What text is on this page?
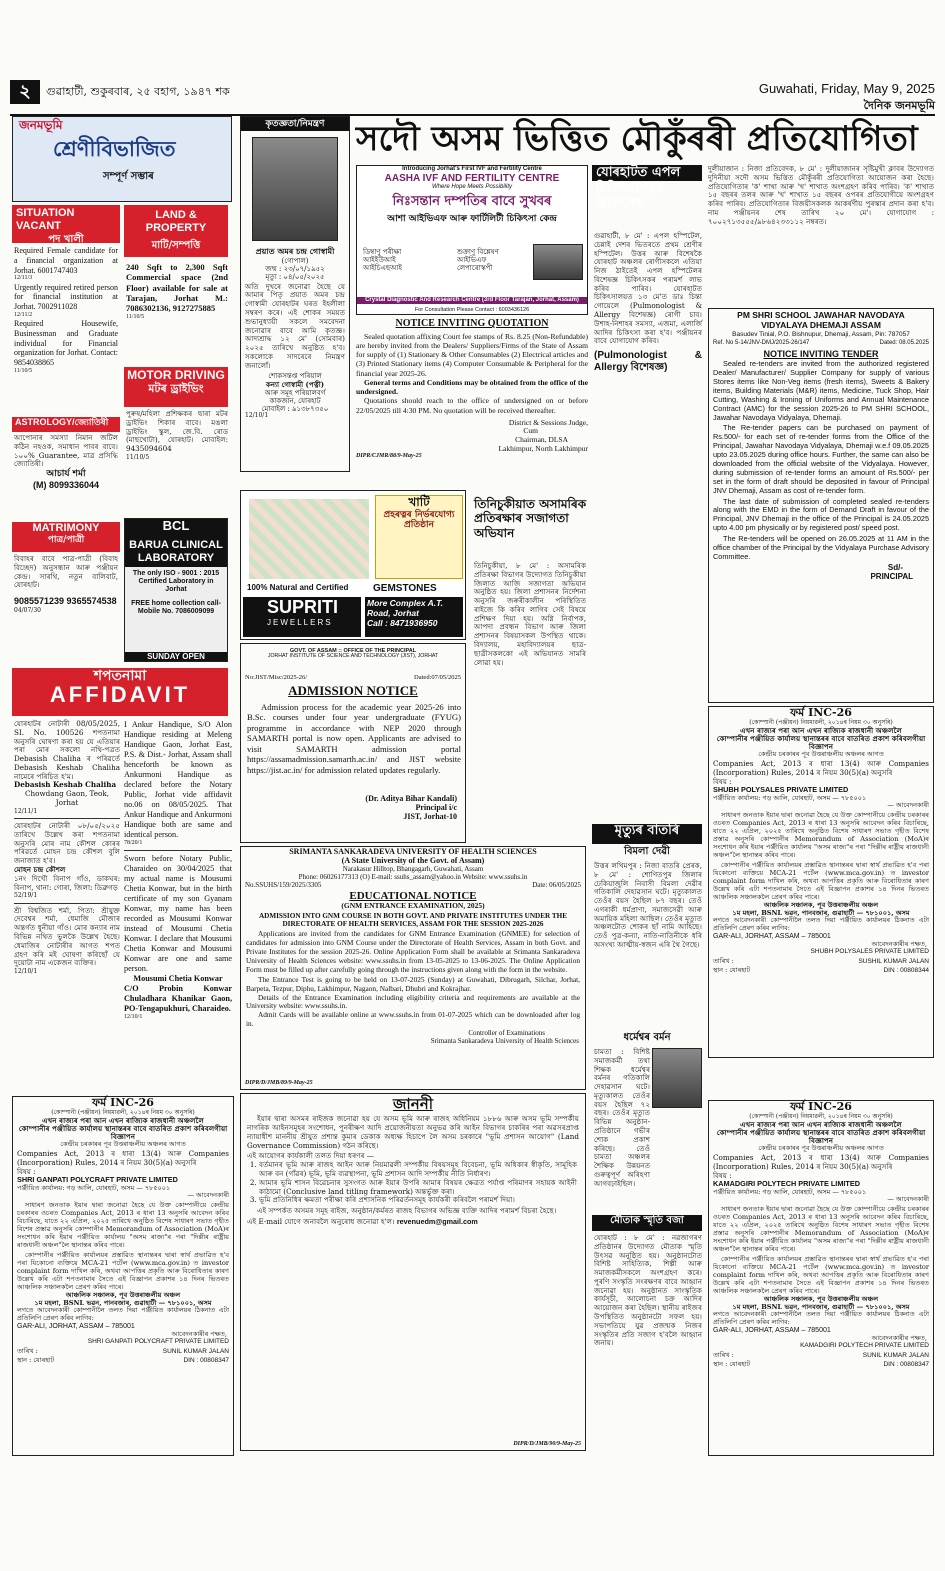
২	গুৱাহাটী, শুকুৰবাৰ, ২৫ বহাগ, ১৯৪৭ শক	Guwahati, Friday, May 9, 2025
দৈনিক জনমভূমি
জনমভূমি
শ্ৰেণীবিভাজিত
সম্পূৰ্ণ সম্ভাৰ
SITUATION VACANT
পদ খালী
Required Female candidate for a financial organization at Jorhat. 6001747403
12/11/3
Urgently required retired person for financial institution at Jorhat. 7002911028
12/11/2
Required Housewife, Businessman and Graduate individual for Financial organization for Jorhat. Contact: 9854038865
11/10/5
LAND & PROPERTY
মাটি/সম্পত্তি
240 Sqft to 2,300 Sqft Commercial space (2nd Floor) available for sale at Tarajan, Jorhat M.: 7086302136, 9127275885
11/10/5
MOTOR DRIVING
মটৰ ড্ৰাইভিং
পুৰুষ/মহিলা প্ৰশিক্ষকৰ দ্বাৰা মটৰ ড্ৰাইভিং শিকাৰ বাবে। মঙলা ড্ৰাইভিং স্কুল, জে.বি. ৰোড (মাছখোটা), যোৰহাট। মোবাইল: 9435094604
11/10/5
ASTROLOGY/জ্যোতিষী
আপোনাৰ সমস্যা নিমান জটিল কঠিন নহওক, সমাধান পাবৰ বাবে। ১০০% Guarantee, মাত্ৰ প্ৰসিদ্ধি জ্যোতিষী।
আচাৰ্য শৰ্মা
(M) 8099336044
MATRIMONY
পাত্ৰ/পাত্ৰী
বিবাহৰ বাবে পাত্ৰ-পাত্ৰী (বিবাহ বিচ্ছেদ) অনুসন্ধান আৰু পঞ্জীয়ন কেন্দ্ৰ। সাৰথি, নতুন বালিবাট, যোৰহাট।
9085571239 9365574538
04/07/30
BCL
BARUA CLINICAL LABORATORY
The only ISO - 9001 : 2015 Certified Laboratory in Jorhat
FREE home collection call- Mobile No. 7086009099
SUNDAY OPEN
শপতনামা
AFFIDAVIT
যোৰহাটৰ নোটাৰী 08/05/2025, SI. No. 100526 শপতনামা অনুসৰি ঘোষণা কৰা হয় যে এতিয়াৰ পৰা মোৰ সকলো নথি-পত্ৰত Debasish Chaliha ৰ পৰিৱৰ্তে Debasish Keshab Chaliha নামেৰে পৰিচিত হ'ম।
Debasish Keshab Chaliha
Chowdang Gaon, Teok, Jorhat
12/11/1
যোৰহাটৰ নোটাৰী ০৮/০৫/২০২৫ তাৰিখে উল্লেখ কৰা শপতনামা অনুসৰি মোৰ নাম কৌশল কোৰৰ পৰিৱৰ্তে মোহন চন্দ্ৰ কৌশল বুলি জনাজাত হ'ব।
মোহন চন্দ্ৰ কৌশল
১নং দিখৌ বিনাপ গাঁও, ডাকঘৰ: বিনাপ, থানা: গোৰা, জিলা: ডিব্ৰুগড়
52/19/1
শ্ৰী বিশ্বজিত শৰ্মা, পিতা: শ্ৰীযুক্ত দেবেশ্বৰ শৰ্মা, ধেমাজি মৌজাৰ অন্তৰ্গত ধুনীয়া গাঁও। মোৰ কন্যাৰ নাম বিভিন্ন নথিত ভুলকৈ উল্লেখ হৈছে। ধেমাজিৰ নোটাৰীৰ আগত শপত গ্ৰহণ কৰি মই ঘোষণা কৰিছোঁ যে দুয়োটা নাম একেজন ব্যক্তিৰ।
12/10/1
I Ankur Handique, S/O Alon Handique residing at Meleng Handique Gaon, Jorhat East, P.S. & Dist.- Jorhat, Assam shall henceforth be known as Ankurmoni Handique as declared before the Notary Public, Jorhat vide affidavit no.06 on 08/05/2025. That Ankur Handique and Ankurmoni Handique both are same and identical person.
78/20/1
Sworn before Notary Public, Charaideo on 30/04/2025 that my actual name is Mousumi Chetia Konwar, but in the birth certificate of my son Gyanam Konwar, my name has been recorded as Mousumi Konwar instead of Mousumi Chetia Konwar. I declare that Mousumi Chetia Konwar and Mousumi Konwar are one and same person.
Mousumi Chetia Konwar
C/O Probin Konwar Chuladhara Khanikar Gaon, PO-Tengapukhuri, Charaideo.
12/10/1
কৃতজ্ঞতা/নিমন্ত্ৰণ
প্ৰয়াত অমৰ চন্দ্ৰ গোস্বামী
(গোপাল)
জন্ম : ২৩/০৭/১৯৫২
মৃত্যু : ০৪/০৫/২০২৫
অতি দুখৰে জনোৱা হৈছে যে আমাৰ পিতৃ প্ৰয়াত অমৰ চন্দ্ৰ গোস্বামী যোৰহাটৰ ঘৰত ইহলীলা সম্বৰণ কৰে। এই শোকৰ সময়ত শুভানুধ্যায়ী সকলে সমবেদনা জনোৱাৰ বাবে আমি কৃতজ্ঞ। আদ্যশ্ৰাদ্ধ ১২ মে' (সোমবাৰ) ২০২৫ তাৰিখে অনুষ্ঠিত হ'ব। সকলোকে সাদৰেৰে নিমন্ত্ৰণ জনালোঁ।
শোকসন্তপ্ত পৰিয়াল
কন্যা গোস্বামী (পত্নী)
আৰু সমূহ পৰিয়ালবৰ্গ
কাকজান, যোৰহাট
মোবাইল : ৯১৩৮৭৩৫০
12/10/1
সদৌ অসম ভিত্তিত মৌকুঁৰৰী প্ৰতিযোগিতা
Introducing Jorhat's First IVF and Fertility Centre
AASHA IVF AND FERTILITY CENTRE
Where Hope Meets Possibility
নিঃসন্তান দম্পতিৰ বাবে সুখবৰ
আশা আইভিএফ আৰু ফাৰ্টিলিটী চিকিৎসা কেন্দ্ৰ
ডিম্বাণু পৰীক্ষা
আইইউআই
আইচিএছআই
শুক্ৰাণু বিশ্লেষণ
আইভিএফ
লেপাৰোস্কপী
Crystal Diagnostic And Research Centre (3rd Floor Tarajan, Jorhat, Assam)
For Consultation Please Contact : 6003436126
NOTICE INVITING QUOTATION
Sealed quotation affixing Court fee stamps of Rs. 8.25 (Non-Refundable) are hereby invited from the Dealers/ Suppliers/Firms of the State of Assam for supply of (1) Stationary & Other Consumables (2) Electrical articles and (3) Printed Stationary items (4) Computer Consumable & Peripheral for the financial year 2025-26.
General terms and Conditions may be obtained from the office of the undersigned.
Quotations should reach to the office of undersigned on or before 22/05/2025 till 4:30 PM. No quotation will be received thereafter.
District & Sessions Judge,
Cum
Chairman, DLSA
Lakhimpur, North Lakhimpur
DIPR/CJMR/88/9-May-25
খাটি
প্ৰহৰত্নৰ নিৰ্ভৰযোগ্য প্ৰতিষ্ঠান
100% Natural and Certified GEMSTONES
SUPRITI
JEWELLERS
More Complex A.T. Road, Jorhat
Call : 8471936950
GOVT. OF ASSAM :: OFFICE OF THE PRINCIPAL
JORHAT INSTITUTE OF SCIENCE AND TECHNOLOGY (JIST), JORHAT
No:JIST/Misc/2025-26/	Dated:07/05/2025
ADMISSION NOTICE
Admission process for the academic year 2025-26 into B.Sc. courses under four year undergraduate (FYUG) programme in accordance with NEP 2020 through SAMARTH portal is now open. Applicants are advised to visit SAMARTH admission portal https://assamadmission.samarth.ac.in/ and JIST website https://jist.ac.in/ for admission related updates regularly.
(Dr. Aditya Bihar Kandali)
Principal i/c
JIST, Jorhat-10
SRIMANTA SANKARADEVA UNIVERSITY OF HEALTH SCIENCES
(A State University of the Govt. of Assam)
Narakasur Hilltop, Bhangagarh, Guwahati, Assam
Phone: 06026177313 (O) E-mail: ssuhs_assam@yahoo.in Website: www.ssuhs.in
No.SSUHS/159/2025/3305	Date: 06/05/2025
EDUCATIONAL NOTICE
(GNM ENTRANCE EXAMINATION, 2025)
ADMISSION INTO GNM COURSE IN BOTH GOVT. AND PRIVATE INSTITUTES UNDER THE DIRECTORATE OF HEALTH SERVICES, ASSAM FOR THE SESSION 2025-2026
Applications are invited from the candidates for GNM Entrance Examination (GNMEE) for selection of candidates for admission into GNM Course under the Directorate of Health Services, Assam in both Govt. and Private Institutes for the session 2025-26. Online Application Form shall be available at Srimanta Sankaradeva University of Health Sciences website: www.ssuhs.in from 13-05-2025 to 13-06-2025. The Online Application Form must be filled up after carefully going through the instructions given along with the form in the website.
The Entrance Test is going to be held on 13-07-2025 (Sunday) at Guwahati, Dibrugarh, Silchar, Jorhat, Barpeta, Tezpur, Diphu, Lakhimpur, Nagaon, Nalbari, Dhubri and Kokrajhar.
Details of the Entrance Examination including eligibility criteria and requirements are available at the University website: www.ssuhs.in.
Admit Cards will be available online at www.ssuhs.in from 01-07-2025 which can be downloaded after log in.
Controller of Examinations
Srimanta Sankaradeva University of Health Sciences
DIPR/D/JMB/89/9-May-25
জাননী
ইয়াৰ দ্বাৰা অসমৰ ৰাইজক জনোৱা হয় যে অসম ভূমি আৰু ৰাজহ অধিনিয়ম ১৮৮৬ আৰু অসম ভূমি সম্পৰ্কীয় নাগৰিক আইনসমূহৰ সংশোধন, পুনৰীক্ষণ আদি প্ৰয়োজনীয়তা অনুভৱ কৰি আইন বিভাগৰ চাকৰিৰ পৰা অৱসৰপ্ৰাপ্ত ন্যায়াধীশ মাননীয় শ্ৰীযুত প্ৰশান্ত কুমাৰ ডেকাক অধ্যক্ষ হিচাপে লৈ অসম চৰকাৰে "ভূমি প্ৰশাসন আয়োগ" (Land Governance Commission) গঠন কৰিছে।
এই আয়োগৰ কাৰ্যকালী তলত দিয়া ধৰণৰ —
1. বৰ্তমানৰ ভূমি আৰু ৰাজহ আইন আৰু নিয়মাৱলী সম্পৰ্কীয় বিষয়সমূহ বিবেচনা, ভূমি অধিকাৰ স্বীকৃতি, সামূহিক আৰু বন (গাঁৱৰ) ভূমি, ভূমি ব্যৱস্থাপনা, ভূমি প্ৰশাসন আদি সম্পৰ্কীয় নীতি নিৰ্ধাৰণ।
2. আমাৰ ভূমি শাসন বিৱেচনাৰ সুসংগত আৰু ইয়াৰ উপৰি আমাৰ বিষয়ৰ ক্ষেত্ৰত পৰ্যাপ্ত পৰিমাণৰ সহায়ক আইনী কাঠামো (Conclusive land titling framework) অন্তৰ্ভুক্ত কৰা।
3. ভূমি প্ৰতিনিধিৰ ক্ষমতা পৰীক্ষা কৰি প্ৰশাসনিক পৰিৱৰ্তনসমূহ কাৰ্যকৰী কৰিবলৈ পৰামৰ্শ দিয়া।
এই সম্পৰ্কত অসমৰ সমূহ ৰাইজ, অনুষ্ঠান/কৰ্মৰত ৰাজহ বিভাগৰ অভিজ্ঞ ব্যক্তি আদিৰ পৰামৰ্শ বিচৰা হৈছে।
এই E-mail যোগে জনাবলৈ অনুৰোধ জনোৱা হ'ল। revenuedm@gmail.com
DIPR/D/JMB/90/9-May-25
ফৰ্ম INC-26
(কোম্পানী (পঞ্জীয়ন) নিয়মাৱলী, ২০১৪ৰ নিয়ম ৩০ অনুসৰি)
এখন ৰাজ্যৰ পৰা আন এখন ৰাজ্যিক ৰাজধানী অঞ্চললৈ
কোম্পানীৰ পঞ্জীয়িত কাৰ্যালয় স্থানান্তৰৰ বাবে বাতৰিত প্ৰকাশ কৰিবলগীয়া বিজ্ঞাপন
কেন্দ্ৰীয় চৰকাৰৰ পূব উত্তৰাঞ্চলীয় অঞ্চলৰ আগত
Companies Act, 2013 ৰ ধাৰা 13(4) আৰু Companies (Incorporation) Rules, 2014 ৰ নিয়ম 30(5)(a) অনুসৰি
বিষয় :
SHRI GANPATI POLYCRAFT PRIVATE LIMITED
পঞ্জীয়িত কাৰ্যালয়: গড় আলি, যোৰহাট, অসম — ৭৮৫০০১
— আবেদনকাৰী
সাধাৰণ জনতাক ইয়াৰ দ্বাৰা জনোৱা হৈছে যে উক্ত কোম্পানীয়ে কেন্দ্ৰীয় চৰকাৰৰ ওচৰত Companies Act, 2013 ৰ ধাৰা 13 অনুসৰি আবেদন কৰিব বিচাৰিছে, যাতে ২২ এপ্ৰিল, ২০২৫ তাৰিখে অনুষ্ঠিত বিশেষ সাধাৰণ সভাত গৃহীত বিশেষ প্ৰস্তাৱ অনুসৰি কোম্পানীৰ Memorandum of Association (MoA)ৰ সংশোধন কৰি ইয়াৰ পঞ্জীয়িত কাৰ্যালয় "অসম ৰাজ্য"ৰ পৰা "দিল্লীৰ ৰাষ্ট্ৰীয় ৰাজধানী অঞ্চল"লৈ স্থানান্তৰ কৰিব পাৰে।
কোম্পানীৰ পঞ্জীয়িত কাৰ্যালয়ৰ প্ৰস্তাৱিত স্থানান্তৰৰ দ্বাৰা স্বাৰ্থ প্ৰভাৱিত হ'ব পৰা যিকোনো ব্যক্তিয়ে MCA-21 পৰ্টেল (www.mca.gov.in) ত investor complaint form দাখিল কৰি, অথবা আপত্তিৰ প্ৰকৃতি আৰু বিৰোধিতাৰ কাৰণ উল্লেখ কৰি এটা শপতনামাৰ সৈতে এই বিজ্ঞাপন প্ৰকাশৰ ১৪ দিনৰ ভিতৰত আঞ্চলিক সঞ্চালকলৈ প্ৰেৰণ কৰিব পাৰে।
আঞ্চলিক সঞ্চালক, পূব উত্তৰাঞ্চলীয় অঞ্চল
১ম মহলা, BSNL ভৱন, পানবজাৰ, গুৱাহাটী — ৭৮১০০১, অসম
লগতে আবেদনকাৰী কোম্পানীলৈ তলত দিয়া পঞ্জীয়িত কাৰ্যালয়ৰ ঠিকনাত এটা প্ৰতিলিপি প্ৰেৰণ কৰিব লাগিব:
GAR-ALI, JORHAT, ASSAM – 785001
আবেদনকাৰীৰ পক্ষত,
SHRI GANPATI POLYCRAFT PRIVATE LIMITED
তাৰিখ :	SUNIL KUMAR JALAN
স্থান : যোৰহাট	DIN : 00808347
যোৰহাটত এপল চিকিৎসালয়ৰ চিকিৎসক
গুৱাহাটী, ৮ মে' : এপল হস্পিটেল, চেন্নাই দেশৰ ভিতৰতে প্ৰথম শ্ৰেণীৰ হস্পিটেল। উত্তৰ আৰু বিশেষকৈ যোৰহাট অঞ্চলৰ ৰোগীসকলে এতিয়া নিজ ঠাইতেই এপল হস্পিটেলৰ বিশেষজ্ঞ চিকিৎসকৰ পৰামৰ্শ লাভ কৰিব পাৰিব। যোৰহাটত চিকিৎসালয়ত ১৩ মে'ত ডাঃ চিন্তা গোয়েলে (Pulmonologist & Allergy বিশেষজ্ঞ) ৰোগী চাব। উশাহ-নিশাহৰ সমস্যা, এজমা, এলাৰ্জি আদিৰ চিকিৎসা কৰা হ'ব। পঞ্জীয়নৰ বাবে যোগাযোগ কৰিব।
(Pulmonologist & Allergy বিশেষজ্ঞ)
তিনিচুকীয়াত অসামৰিক প্ৰতিৰক্ষাৰ সজাগতা অভিযান
তিনিচুকীয়া, ৮ মে' : অসামৰিক প্ৰতিৰক্ষা বিভাগৰ উদ্যোগত তিনিচুকীয়া জিলাত আজি সজাগতা অভিযান অনুষ্ঠিত হয়। জিলা প্ৰশাসনৰ নিৰ্দেশনা অনুসৰি জৰুৰীকালীন পৰিস্থিতিত ৰাইজে কি কৰিব লাগিব সেই বিষয়ে প্ৰশিক্ষণ দিয়া হয়। অগ্নি নিৰ্বাপক, আপদা প্ৰবন্ধন বিভাগ আৰু জিলা প্ৰশাসনৰ বিষয়াসকল উপস্থিত থাকে। বিদ্যালয়, মহাবিদ্যালয়ৰ ছাত্ৰ-ছাত্ৰীসকলকো এই অভিযানত সামৰি লোৱা হয়।
মৃত্যুৰ বাতৰি
বিমলা দেৱী
উত্তৰ লখিমপুৰ : নিজা বাতৰি প্ৰেৰক, ৮ মে' : শোণিতপুৰ জিলাৰ ঢেকিয়াজুলি নিবাসী বিমলা দেৱীৰ গতিকালি দেহাৱসান ঘটে। মৃত্যুকালত তেওঁৰ বয়স হৈছিল ৮৭ বছৰ। তেওঁ এগৰাকী ধৰ্মপ্ৰাণা, সমাজসেৱী আৰু অমায়িক মহিলা আছিল। তেওঁৰ মৃত্যুত অঞ্চলটোত শোকৰ ছাঁ নামি আহিছে। তেওঁ পুত্ৰ-কন্যা, নাতি-নাতিনীকে ধৰি অসংখ্য আত্মীয়-স্বজন এৰি থৈ গৈছে।
ধৰ্মেশ্বৰ বৰ্মন
চামতা : বিশিষ্ট সমাজকৰ্মী তথা শিক্ষক ধৰ্মেশ্বৰ বৰ্মনৰ গতিকালি দেহাৱসান ঘটে। মৃত্যুকালত তেওঁৰ বয়স হৈছিল ৭২ বছৰ। তেওঁৰ মৃত্যুত বিভিন্ন অনুষ্ঠান-প্ৰতিষ্ঠানে গভীৰ শোক প্ৰকাশ কৰিছে। তেওঁ চামতা অঞ্চলৰ শৈক্ষিক উন্নয়নত গুৰুত্বপূৰ্ণ অৰিহণা আগবঢ়াইছিল।
মৌতাক স্মৃতি বজা
যোৰহাট : ৮ মে' : নৱজাগৰণ প্ৰতিষ্ঠানৰ উদ্যোগত মৌতাক স্মৃতি উৎসৱ অনুষ্ঠিত হয়। অনুষ্ঠানটোত বিশিষ্ট সাহিত্যিক, শিল্পী আৰু সমাজকৰ্মীসকলে অংশগ্ৰহণ কৰে। পুৰণি সংস্কৃতি সংৰক্ষণৰ বাবে আহ্বান জনোৱা হয়। অনুষ্ঠানত সাংস্কৃতিক কাৰ্যসূচী, আলোচনা চক্ৰ আদিৰ আয়োজন কৰা হৈছিল। স্থানীয় ৰাইজৰ উপস্থিতিত অনুষ্ঠানটো সফল হয়। সভাপতিয়ে যুৱ প্ৰজন্মক নিজৰ সংস্কৃতিৰ প্ৰতি সজাগ হ'বলৈ আহ্বান জনায়।
দুলীয়াজান : নিজা প্ৰতিবেদক, ৮ মে' : দুলীয়াজানৰ সৃষ্টিমুখী ক্লাবৰ উদ্যোগত দুদিনীয়া সদৌ অসম ভিত্তিত মৌকুঁৰৰী প্ৰতিযোগিতা আয়োজন কৰা হৈছে। প্ৰতিযোগিতাৰ 'ক' শাখা আৰু 'খ' শাখাত অংশগ্ৰহণ কৰিব পাৰিব। 'ক' শাখাত ১৫ বছৰৰ তলৰ আৰু 'খ' শাখাত ১৫ বছৰৰ ওপৰৰ প্ৰতিযোগীয়ে অংশগ্ৰহণ কৰিব পাৰিব। প্ৰতিযোগিতাৰ বিজয়ীসকলক আকৰ্ষণীয় পুৰস্কাৰ প্ৰদান কৰা হ'ব। নাম পঞ্জীয়নৰ শেষ তাৰিখ ২০ মে'। যোগাযোগ : ৭০০২৭১৩৫৫৫/৯৮৬৪২৩৩১১২ নম্বৰত।
PM SHRI SCHOOL JAWAHAR NAVODAYA VIDYALAYA DHEMAJI ASSAM
Basudev Tinial, P.O. Bishnupur, Dhemaji, Assam, Pin: 787057
Ref. No 5-14/JNV-DMJ/2025-26/147	Dated: 08.05.2025
NOTICE INVITING TENDER
Sealed re-tenders are invited from the authorized registered Dealer/ Manufacturer/ Supplier Company for supply of various Stores items like Non-Veg items (fresh items), Sweets & Bakery items, Building Materials (M&R) items, Medicine, Tuck Shop, Hair Cutting, Washing & Ironing of Uniforms and Annual Maintenance Contract (AMC) for the session 2025-26 to PM SHRI SCHOOL, Jawahar Navodaya Vidyalaya, Dhemaji.
The Re-tender papers can be purchased on payment of Rs.500/- for each set of re-tender forms from the Office of the Principal, Jawahar Navodaya Vidyalaya, Dhemaji w.e.f 09.05.2025 upto 23.05.2025 during office hours. Further, the same can also be downloaded from the official website of the Vidyalaya. However, during submission of re-tender forms an amount of Rs.500/- per set in the form of draft should be deposited in favour of Principal JNV Dhemaji, Assam as cost of re-tender form.
The last date of submission of completed sealed re-tenders along with the EMD in the form of Demand Draft in favour of the Principal, JNV Dhemaji in the office of the Principal is 24.05.2025 upto 4.00 pm physically or by registered post/ speed post.
The Re-tenders will be opened on 26.05.2025 at 11 AM in the office chamber of the Principal by the Vidyalaya Purchase Advisory Committee.
Sd/-
PRINCIPAL
ফৰ্ম INC-26
(কোম্পানী (পঞ্জীয়ন) নিয়মাৱলী, ২০১৪ৰ নিয়ম ৩০ অনুসৰি)
এখন ৰাজ্যৰ পৰা আন এখন ৰাজ্যিক ৰাজধানী অঞ্চললৈ
কোম্পানীৰ পঞ্জীয়িত কাৰ্যালয় স্থানান্তৰৰ বাবে বাতৰিত প্ৰকাশ কৰিবলগীয়া বিজ্ঞাপন
কেন্দ্ৰীয় চৰকাৰৰ পূব উত্তৰাঞ্চলীয় অঞ্চলৰ আগত
Companies Act, 2013 ৰ ধাৰা 13(4) আৰু Companies (Incorporation) Rules, 2014 ৰ নিয়ম 30(5)(a) অনুসৰি
বিষয় :
SHUBH POLYSALES PRIVATE LIMITED
পঞ্জীয়িত কাৰ্যালয়: গড় আলি, যোৰহাট, অসম — ৭৮৫০০১
— আবেদনকাৰী
সাধাৰণ জনতাক ইয়াৰ দ্বাৰা জনোৱা হৈছে যে উক্ত কোম্পানীয়ে কেন্দ্ৰীয় চৰকাৰৰ ওচৰত Companies Act, 2013 ৰ ধাৰা 13 অনুসৰি আবেদন কৰিব বিচাৰিছে, যাতে ২২ এপ্ৰিল, ২০২৫ তাৰিখে অনুষ্ঠিত বিশেষ সাধাৰণ সভাত গৃহীত বিশেষ প্ৰস্তাৱ অনুসৰি কোম্পানীৰ Memorandum of Association (MoA)ৰ সংশোধন কৰি ইয়াৰ পঞ্জীয়িত কাৰ্যালয় "অসম ৰাজ্য"ৰ পৰা "দিল্লীৰ ৰাষ্ট্ৰীয় ৰাজধানী অঞ্চল"লৈ স্থানান্তৰ কৰিব পাৰে।
কোম্পানীৰ পঞ্জীয়িত কাৰ্যালয়ৰ প্ৰস্তাৱিত স্থানান্তৰৰ দ্বাৰা স্বাৰ্থ প্ৰভাৱিত হ'ব পৰা যিকোনো ব্যক্তিয়ে MCA-21 পৰ্টেল (www.mca.gov.in) ত investor complaint form দাখিল কৰি, অথবা আপত্তিৰ প্ৰকৃতি আৰু বিৰোধিতাৰ কাৰণ উল্লেখ কৰি এটা শপতনামাৰ সৈতে এই বিজ্ঞাপন প্ৰকাশৰ ১৪ দিনৰ ভিতৰত আঞ্চলিক সঞ্চালকলৈ প্ৰেৰণ কৰিব পাৰে।
আঞ্চলিক সঞ্চালক, পূব উত্তৰাঞ্চলীয় অঞ্চল
১ম মহলা, BSNL ভৱন, পানবজাৰ, গুৱাহাটী — ৭৮১০০১, অসম
লগতে আবেদনকাৰী কোম্পানীলৈ তলত দিয়া পঞ্জীয়িত কাৰ্যালয়ৰ ঠিকনাত এটা প্ৰতিলিপি প্ৰেৰণ কৰিব লাগিব:
GAR-ALI, JORHAT, ASSAM – 785001
আবেদনকাৰীৰ পক্ষত,
SHUBH POLYSALES PRIVATE LIMITED
তাৰিখ :	SUSHIL KUMAR JALAN
স্থান : যোৰহাট	DIN : 00808344
ফৰ্ম INC-26
(কোম্পানী (পঞ্জীয়ন) নিয়মাৱলী, ২০১৪ৰ নিয়ম ৩০ অনুসৰি)
এখন ৰাজ্যৰ পৰা আন এখন ৰাজ্যিক ৰাজধানী অঞ্চললৈ
কোম্পানীৰ পঞ্জীয়িত কাৰ্যালয় স্থানান্তৰৰ বাবে বাতৰিত প্ৰকাশ কৰিবলগীয়া বিজ্ঞাপন
কেন্দ্ৰীয় চৰকাৰৰ পূব উত্তৰাঞ্চলীয় অঞ্চলৰ আগত
Companies Act, 2013 ৰ ধাৰা 13(4) আৰু Companies (Incorporation) Rules, 2014 ৰ নিয়ম 30(5)(a) অনুসৰি
বিষয় :
KAMADGIRI POLYTECH PRIVATE LIMITED
পঞ্জীয়িত কাৰ্যালয়: গড় আলি, যোৰহাট, অসম — ৭৮৫০০১
— আবেদনকাৰী
সাধাৰণ জনতাক ইয়াৰ দ্বাৰা জনোৱা হৈছে যে উক্ত কোম্পানীয়ে কেন্দ্ৰীয় চৰকাৰৰ ওচৰত Companies Act, 2013 ৰ ধাৰা 13 অনুসৰি আবেদন কৰিব বিচাৰিছে, যাতে ২২ এপ্ৰিল, ২০২৫ তাৰিখে অনুষ্ঠিত বিশেষ সাধাৰণ সভাত গৃহীত বিশেষ প্ৰস্তাৱ অনুসৰি কোম্পানীৰ Memorandum of Association (MoA)ৰ সংশোধন কৰি ইয়াৰ পঞ্জীয়িত কাৰ্যালয় "অসম ৰাজ্য"ৰ পৰা "দিল্লীৰ ৰাষ্ট্ৰীয় ৰাজধানী অঞ্চল"লৈ স্থানান্তৰ কৰিব পাৰে।
কোম্পানীৰ পঞ্জীয়িত কাৰ্যালয়ৰ প্ৰস্তাৱিত স্থানান্তৰৰ দ্বাৰা স্বাৰ্থ প্ৰভাৱিত হ'ব পৰা যিকোনো ব্যক্তিয়ে MCA-21 পৰ্টেল (www.mca.gov.in) ত investor complaint form দাখিল কৰি, অথবা আপত্তিৰ প্ৰকৃতি আৰু বিৰোধিতাৰ কাৰণ উল্লেখ কৰি এটা শপতনামাৰ সৈতে এই বিজ্ঞাপন প্ৰকাশৰ ১৪ দিনৰ ভিতৰত আঞ্চলিক সঞ্চালকলৈ প্ৰেৰণ কৰিব পাৰে।
আঞ্চলিক সঞ্চালক, পূব উত্তৰাঞ্চলীয় অঞ্চল
১ম মহলা, BSNL ভৱন, পানবজাৰ, গুৱাহাটী — ৭৮১০০১, অসম
লগতে আবেদনকাৰী কোম্পানীলৈ তলত দিয়া পঞ্জীয়িত কাৰ্যালয়ৰ ঠিকনাত এটা প্ৰতিলিপি প্ৰেৰণ কৰিব লাগিব:
GAR-ALI, JORHAT, ASSAM – 785001
আবেদনকাৰীৰ পক্ষত,
KAMADGIRI POLYTECH PRIVATE LIMITED
তাৰিখ :	SUNIL KUMAR JALAN
স্থান : যোৰহাট	DIN : 00808347
